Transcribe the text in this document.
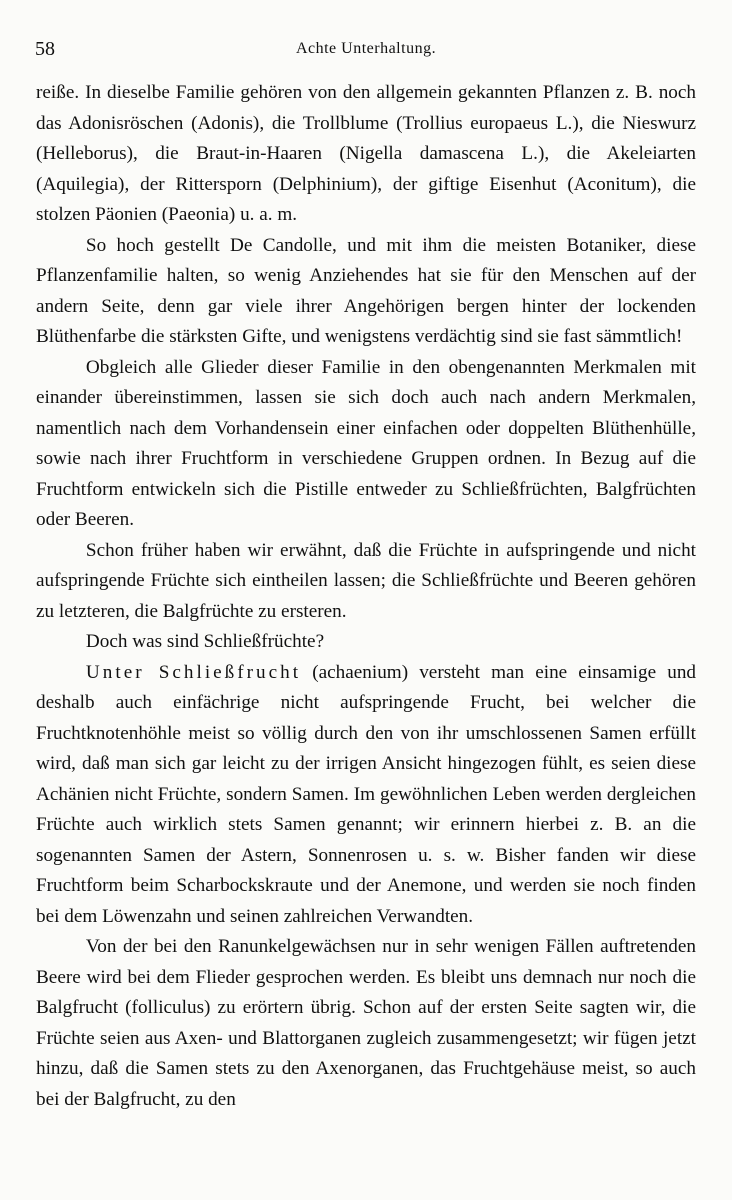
58	Achte Unterhaltung.

reiße. In dieselbe Familie gehören von den allgemein gekannten Pflanzen z. B. noch das Adonisröschen (Adonis), die Trollblume (Trollius europaeus L.), die Nieswurz (Helleborus), die Braut-in-Haaren (Nigella damascena L.), die Akeleiarten (Aquilegia), der Rittersporn (Delphinium), der giftige Eisenhut (Aconitum), die stolzen Päonien (Paeonia) u. a. m.

So hoch gestellt De Candolle, und mit ihm die meisten Botaniker, diese Pflanzenfamilie halten, so wenig Anziehendes hat sie für den Menschen auf der andern Seite, denn gar viele ihrer Angehörigen bergen hinter der lockenden Blüthenfarbe die stärksten Gifte, und wenigstens verdächtig sind sie fast sämmtlich!

Obgleich alle Glieder dieser Familie in den obengenannten Merkmalen mit einander übereinstimmen, lassen sie sich doch auch nach andern Merkmalen, namentlich nach dem Vorhandensein einer einfachen oder doppelten Blüthenhülle, sowie nach ihrer Fruchtform in verschiedene Gruppen ordnen. In Bezug auf die Fruchtform entwickeln sich die Pistille entweder zu Schließfrüchten, Balgfrüchten oder Beeren.

Schon früher haben wir erwähnt, daß die Früchte in aufspringende und nicht aufspringende Früchte sich eintheilen lassen; die Schließfrüchte und Beeren gehören zu letzteren, die Balgfrüchte zu ersteren.

Doch was sind Schließfrüchte?

Unter Schließfrucht (achaenium) versteht man eine einsamige und deshalb auch einfächrige nicht aufspringende Frucht, bei welcher die Fruchtknotenhöhle meist so völlig durch den von ihr umschlossenen Samen erfüllt wird, daß man sich gar leicht zu der irrigen Ansicht hingezogen fühlt, es seien diese Achänien nicht Früchte, sondern Samen. Im gewöhnlichen Leben werden dergleichen Früchte auch wirklich stets Samen genannt; wir erinnern hierbei z. B. an die sogenannten Samen der Astern, Sonnenrosen u. s. w. Bisher fanden wir diese Fruchtform beim Scharbockskraute und der Anemone, und werden sie noch finden bei dem Löwenzahn und seinen zahlreichen Verwandten.

Von der bei den Ranunkelgewächsen nur in sehr wenigen Fällen auftretenden Beere wird bei dem Flieder gesprochen werden. Es bleibt uns demnach nur noch die Balgfrucht (folliculus) zu erörtern übrig. Schon auf der ersten Seite sagten wir, die Früchte seien aus Axen- und Blattorganen zugleich zusammengesetzt; wir fügen jetzt hinzu, daß die Samen stets zu den Axenorganen, das Fruchtgehäuse meist, so auch bei der Balgfrucht, zu den
